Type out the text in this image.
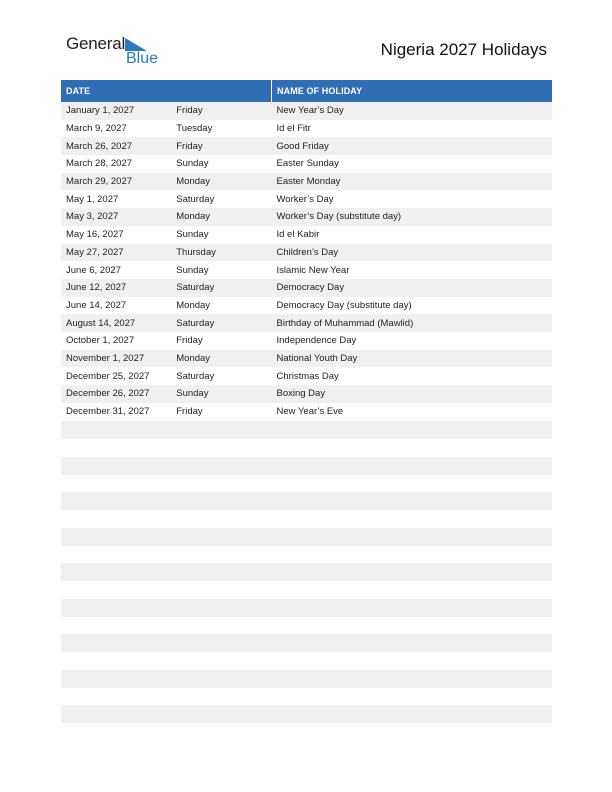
General
Blue	Nigeria 2027 Holidays
DATE		NAME OF HOLIDAY
January 1, 2027	Friday	New Year’s Day
March 9, 2027	Tuesday	Id el Fitr
March 26, 2027	Friday	Good Friday
March 28, 2027	Sunday	Easter Sunday
March 29, 2027	Monday	Easter Monday
May 1, 2027	Saturday	Worker’s Day
May 3, 2027	Monday	Worker’s Day (substitute day)
May 16, 2027	Sunday	Id el Kabir
May 27, 2027	Thursday	Children’s Day
June 6, 2027	Sunday	Islamic New Year
June 12, 2027	Saturday	Democracy Day
June 14, 2027	Monday	Democracy Day (substitute day)
August 14, 2027	Saturday	Birthday of Muhammad (Mawlid)
October 1, 2027	Friday	Independence Day
November 1, 2027	Monday	National Youth Day
December 25, 2027	Saturday	Christmas Day
December 26, 2027	Sunday	Boxing Day
December 31, 2027	Friday	New Year’s Eve
